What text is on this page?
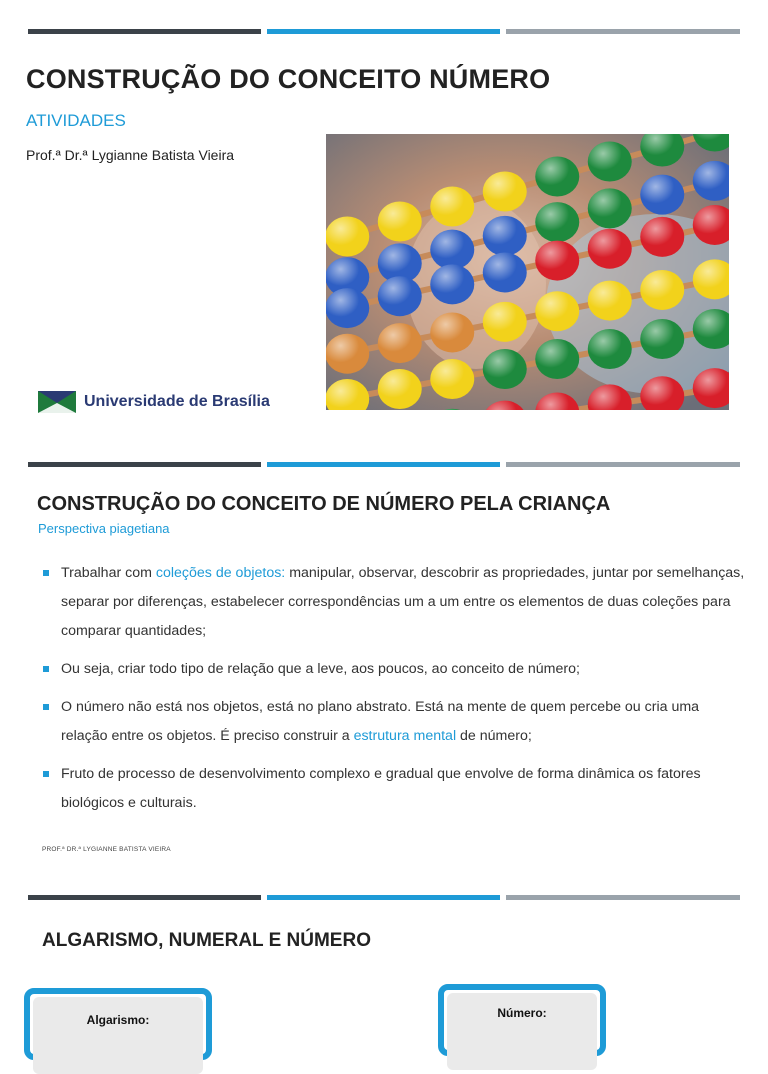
CONSTRUÇÃO DO CONCEITO NÚMERO
ATIVIDADES
Prof.ª Dr.ª Lygianne Batista Vieira
Universidade de Brasília
CONSTRUÇÃO DO CONCEITO DE NÚMERO PELA CRIANÇA
Perspectiva piagetiana
Trabalhar com coleções de objetos: manipular, observar, descobrir as propriedades, juntar por semelhanças, separar por diferenças, estabelecer correspondências um a um entre os elementos de duas coleções para comparar quantidades;
Ou seja, criar todo tipo de relação que a leve, aos poucos, ao conceito de número;
O número não está nos objetos, está no plano abstrato. Está na mente de quem percebe ou cria uma relação entre os objetos. É preciso construir a estrutura mental de número;
Fruto de processo de desenvolvimento complexo e gradual que envolve de forma dinâmica os fatores biológicos e culturais.
PROF.ª DR.ª LYGIANNE BATISTA VIEIRA
ALGARISMO, NUMERAL E NÚMERO
Algarismo:	Número:
